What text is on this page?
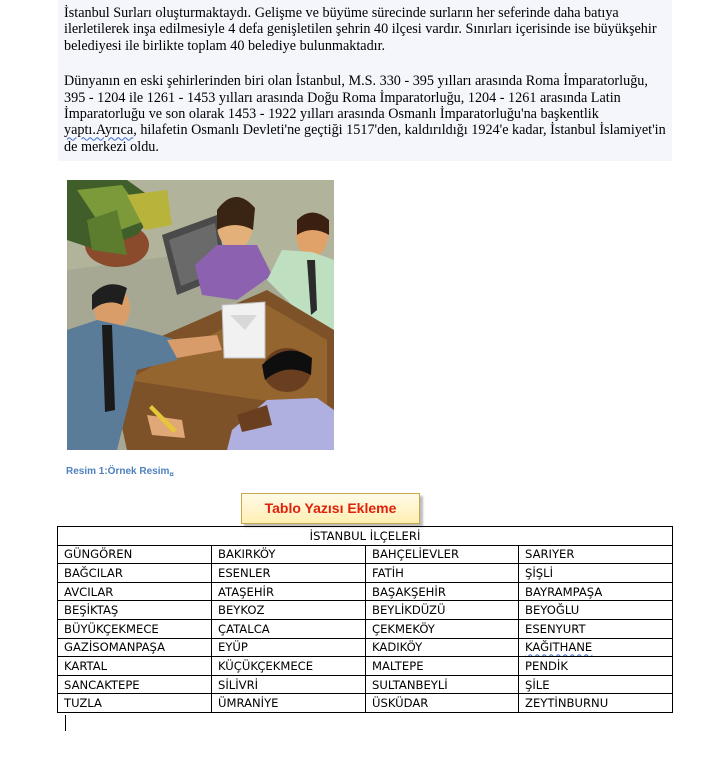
İstanbul Surları oluşturmaktaydı. Gelişme ve büyüme sürecinde surların her seferinde daha batıya ilerletilerek inşa edilmesiyle 4 defa genişletilen şehrin 40 ilçesi vardır. Sınırları içerisinde ise büyükşehir belediyesi ile birlikte toplam 40 belediye bulunmaktadır.

Dünyanın en eski şehirlerinden biri olan İstanbul, M.S. 330 - 395 yılları arasında Roma İmparatorluğu, 395 - 1204 ile 1261 - 1453 yılları arasında Doğu Roma İmparatorluğu, 1204 - 1261 arasında Latin İmparatorluğu ve son olarak 1453 - 1922 yılları arasında Osmanlı İmparatorluğu'na başkentlik yaptı.Ayrıca, hilafetin Osmanlı Devleti'ne geçtiği 1517'den, kaldırıldığı 1924'e kadar, İstanbul İslamiyet'in de merkezi oldu.

Resim 1:Örnek Resim$_¤$
Tablo Yazısı Ekleme
İSTANBUL İLÇELERİ			
GÜNGÖREN	BAKIRKÖY	BAHÇELİEVLER	SARIYER
BAĞCILAR	ESENLER	FATİH	ŞİŞLİ
AVCILAR	ATAŞEHİR	BAŞAKŞEHİR	BAYRAMPAŞA
BEŞİKTAŞ	BEYKOZ	BEYLİKDÜZÜ	BEYOĞLU
BÜYÜKÇEKMECE	ÇATALCA	ÇEKMEKÖY	ESENYURT
GAZİSOMANPAŞA	EYÜP	KADIKÖY	KAĞITHANE
KARTAL	KÜÇÜKÇEKMECE	MALTEPE	PENDİK
SANCAKTEPE	SİLİVRİ	SULTANBEYLİ	ŞİLE
TUZLA	ÜMRANİYE	ÜSKÜDAR	ZEYTİNBURNU
